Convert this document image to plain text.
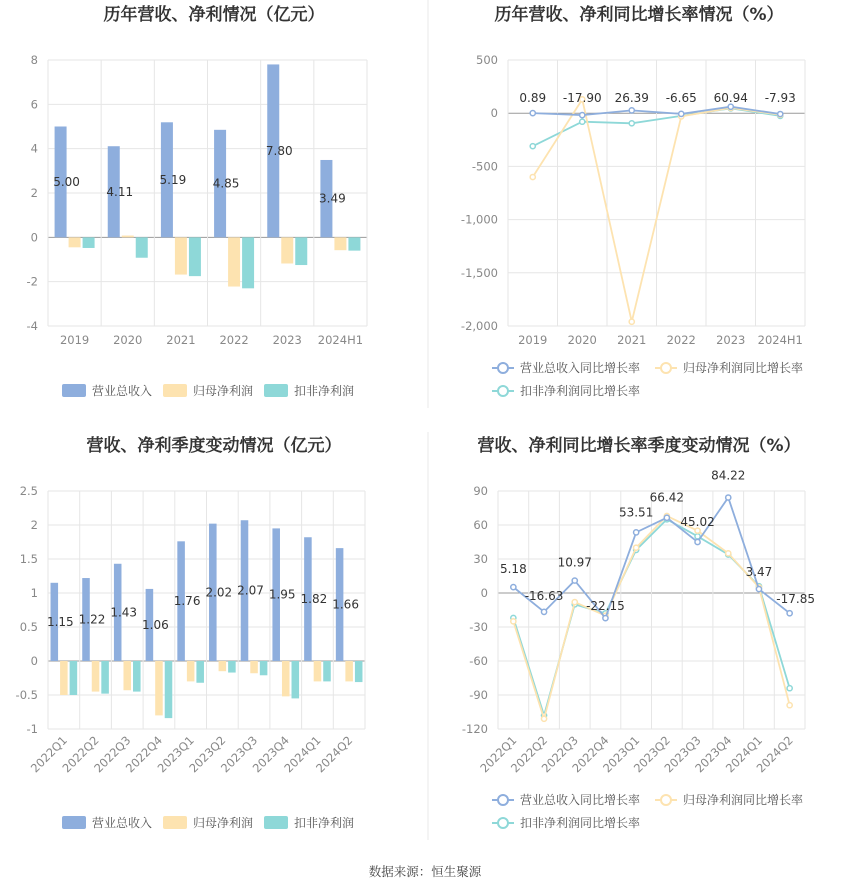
历年营收、净利情况（亿元）
8
6
4
2
0
-2
-4
2019 2020 2021 2022 2023 2024H1
5.00
4.11
5.19 4.85
7.80
3.49
营业总收入	归母净利润	扣非净利润
历年营收、净利同比增长率情况（%）
500
0
-500
-1,000
-1,500
-2,000
2019 2020 2021 2022 2023 2024H1
0.89 -17.90 26.39 -6.65 60.94 -7.93
营业总收入同比增长率	归母净利润同比增长率
扣非净利润同比增长率
营收、净利季度变动情况（亿元）
2.5
2
1.5
1
0.5
0
-0.5
-1
2022Q1
2022Q2
2022Q3
2022Q4
2023Q1
2023Q2
2023Q3
2023Q4
2024Q1
2024Q2
1.15 1.22
1.43
1.06
1.76
2.02 2.07 1.95 1.82 1.66
营业总收入	归母净利润	扣非净利润
营收、净利同比增长率季度变动情况（%）
90
60
30
0
-30
-60
-90
-120
2022Q1
2022Q2
2022Q3
2022Q4
2023Q1
2023Q2
2023Q3
2023Q4
2024Q1
2024Q2
5.18
-16.63
10.97
-22.15
53.51
66.42
45.02
84.22
3.47
-17.85
营业总收入同比增长率	归母净利润同比增长率
扣非净利润同比增长率
数据来源：恒生聚源
